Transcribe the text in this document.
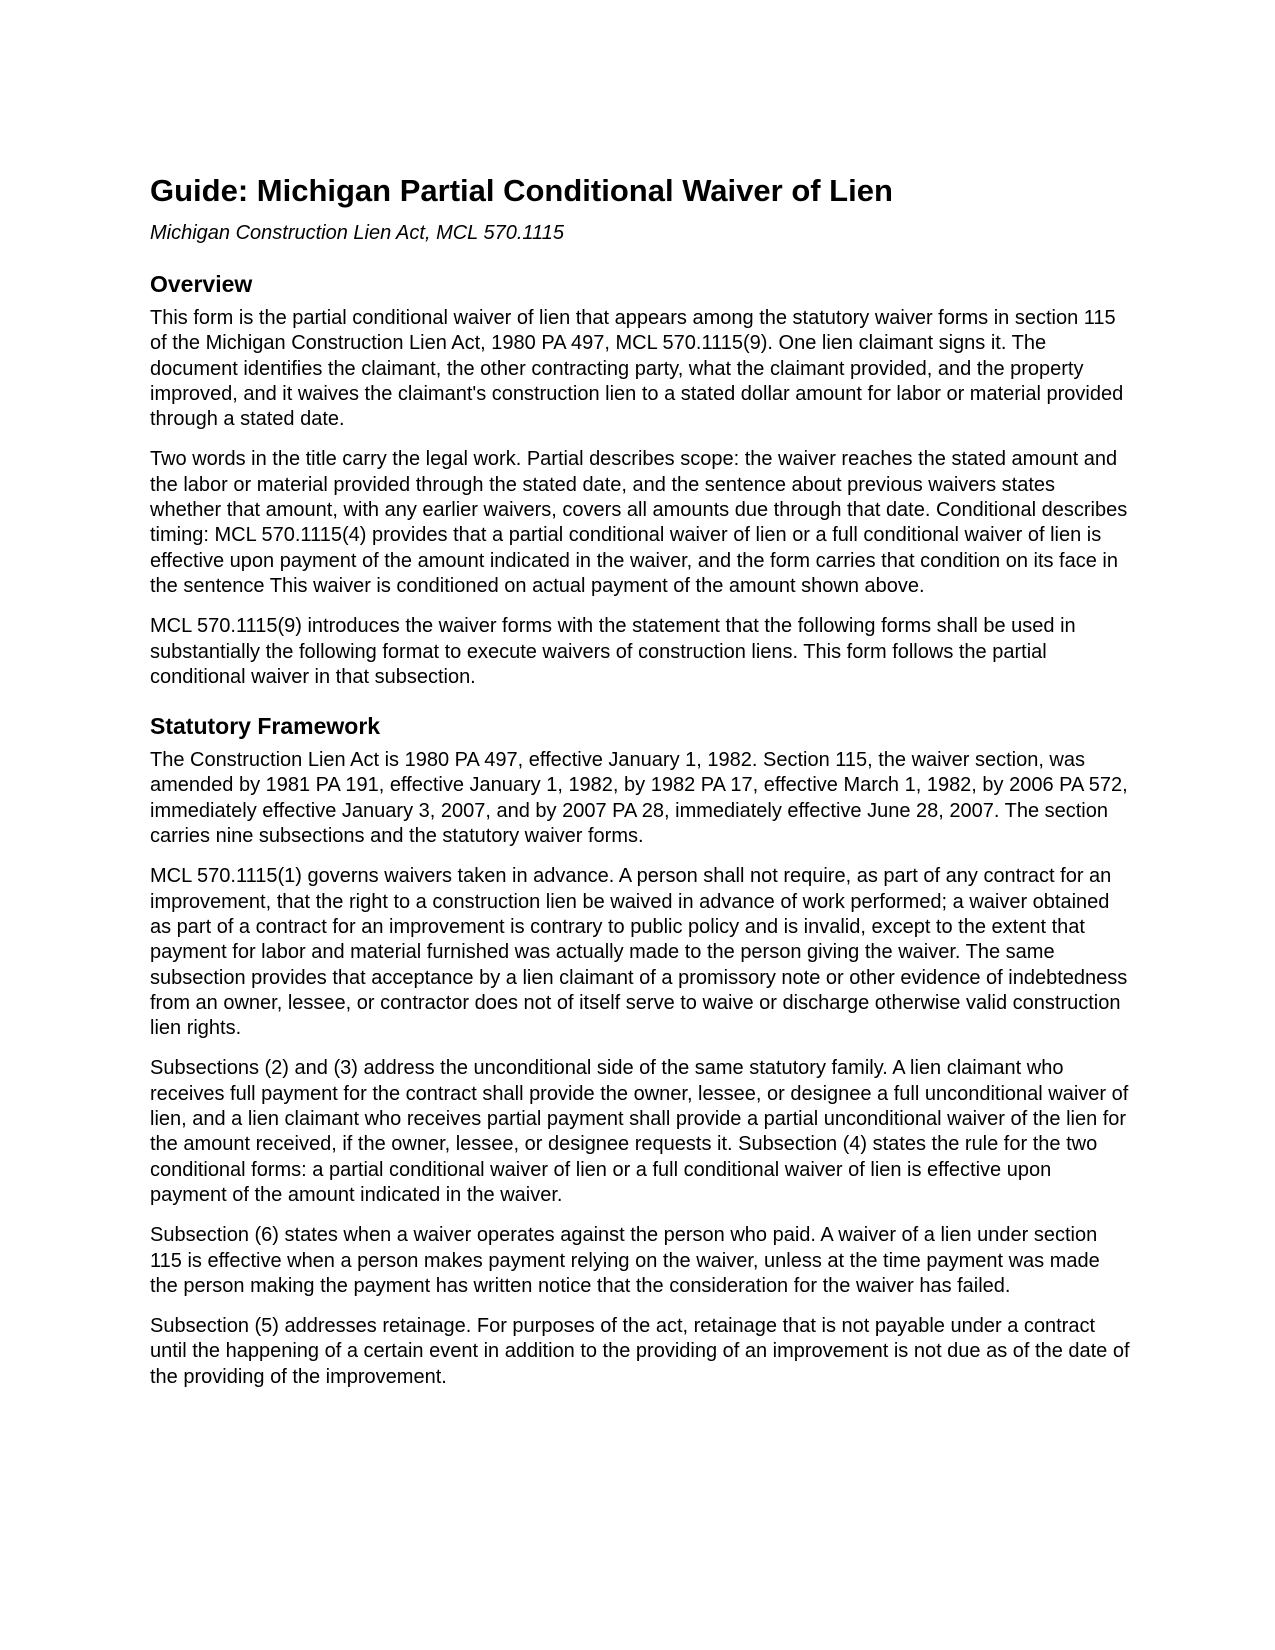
Guide: Michigan Partial Conditional Waiver of Lien

Michigan Construction Lien Act, MCL 570.1115

Overview

This form is the partial conditional waiver of lien that appears among the statutory waiver forms in section 115 of the Michigan Construction Lien Act, 1980 PA 497, MCL 570.1115(9). One lien claimant signs it. The document identifies the claimant, the other contracting party, what the claimant provided, and the property improved, and it waives the claimant's construction lien to a stated dollar amount for labor or material provided through a stated date.

Two words in the title carry the legal work. Partial describes scope: the waiver reaches the stated amount and the labor or material provided through the stated date, and the sentence about previous waivers states whether that amount, with any earlier waivers, covers all amounts due through that date. Conditional describes timing: MCL 570.1115(4) provides that a partial conditional waiver of lien or a full conditional waiver of lien is effective upon payment of the amount indicated in the waiver, and the form carries that condition on its face in the sentence This waiver is conditioned on actual payment of the amount shown above.

MCL 570.1115(9) introduces the waiver forms with the statement that the following forms shall be used in substantially the following format to execute waivers of construction liens. This form follows the partial conditional waiver in that subsection.

Statutory Framework

The Construction Lien Act is 1980 PA 497, effective January 1, 1982. Section 115, the waiver section, was amended by 1981 PA 191, effective January 1, 1982, by 1982 PA 17, effective March 1, 1982, by 2006 PA 572, immediately effective January 3, 2007, and by 2007 PA 28, immediately effective June 28, 2007. The section carries nine subsections and the statutory waiver forms.

MCL 570.1115(1) governs waivers taken in advance. A person shall not require, as part of any contract for an improvement, that the right to a construction lien be waived in advance of work performed; a waiver obtained as part of a contract for an improvement is contrary to public policy and is invalid, except to the extent that payment for labor and material furnished was actually made to the person giving the waiver. The same subsection provides that acceptance by a lien claimant of a promissory note or other evidence of indebtedness from an owner, lessee, or contractor does not of itself serve to waive or discharge otherwise valid construction lien rights.

Subsections (2) and (3) address the unconditional side of the same statutory family. A lien claimant who receives full payment for the contract shall provide the owner, lessee, or designee a full unconditional waiver of lien, and a lien claimant who receives partial payment shall provide a partial unconditional waiver of the lien for the amount received, if the owner, lessee, or designee requests it. Subsection (4) states the rule for the two conditional forms: a partial conditional waiver of lien or a full conditional waiver of lien is effective upon payment of the amount indicated in the waiver.

Subsection (6) states when a waiver operates against the person who paid. A waiver of a lien under section 115 is effective when a person makes payment relying on the waiver, unless at the time payment was made the person making the payment has written notice that the consideration for the waiver has failed.

Subsection (5) addresses retainage. For purposes of the act, retainage that is not payable under a contract until the happening of a certain event in addition to the providing of an improvement is not due as of the date of the providing of the improvement.
